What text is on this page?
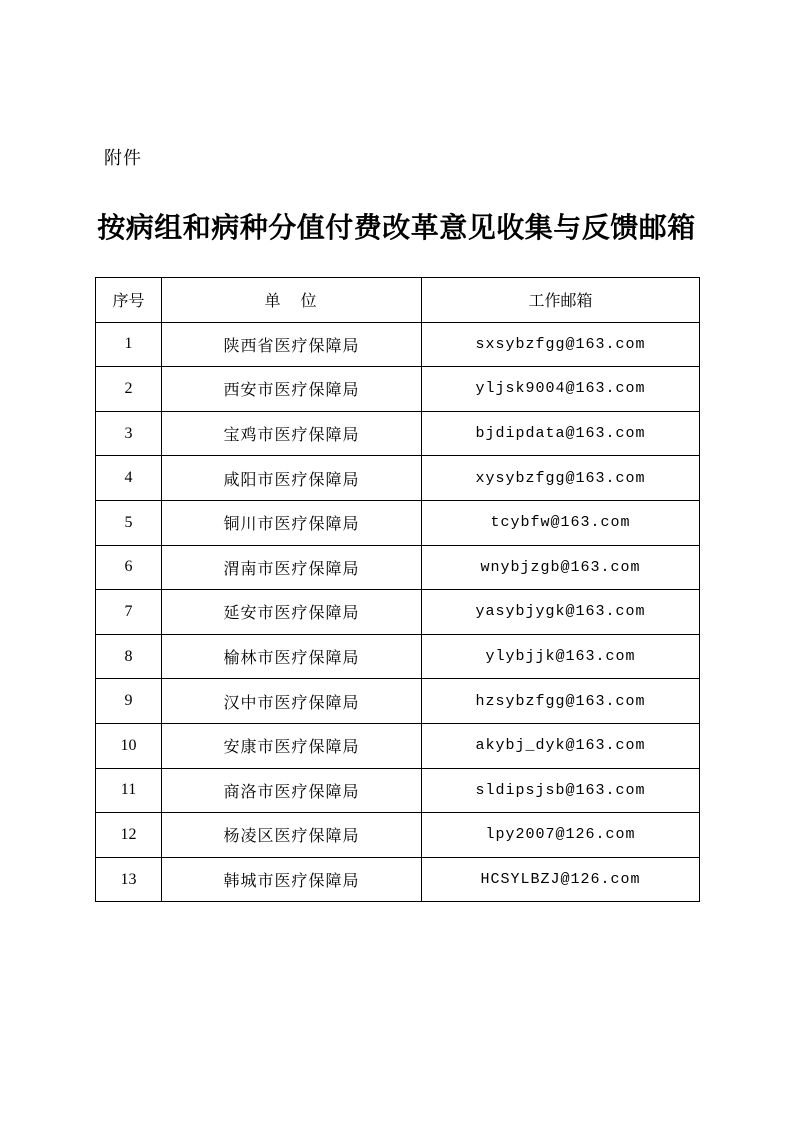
附件
按病组和病种分值付费改革意见收集与反馈邮箱
序号	单　位	工作邮箱
1	陕西省医疗保障局	sxsybzfgg@163.com
2	西安市医疗保障局	yljsk9004@163.com
3	宝鸡市医疗保障局	bjdipdata@163.com
4	咸阳市医疗保障局	xysybzfgg@163.com
5	铜川市医疗保障局	tcybfw@163.com
6	渭南市医疗保障局	wnybjzgb@163.com
7	延安市医疗保障局	yasybjygk@163.com
8	榆林市医疗保障局	ylybjjk@163.com
9	汉中市医疗保障局	hzsybzfgg@163.com
10	安康市医疗保障局	akybj_dyk@163.com
11	商洛市医疗保障局	sldipsjsb@163.com
12	杨凌区医疗保障局	lpy2007@126.com
13	韩城市医疗保障局	HCSYLBZJ@126.com
